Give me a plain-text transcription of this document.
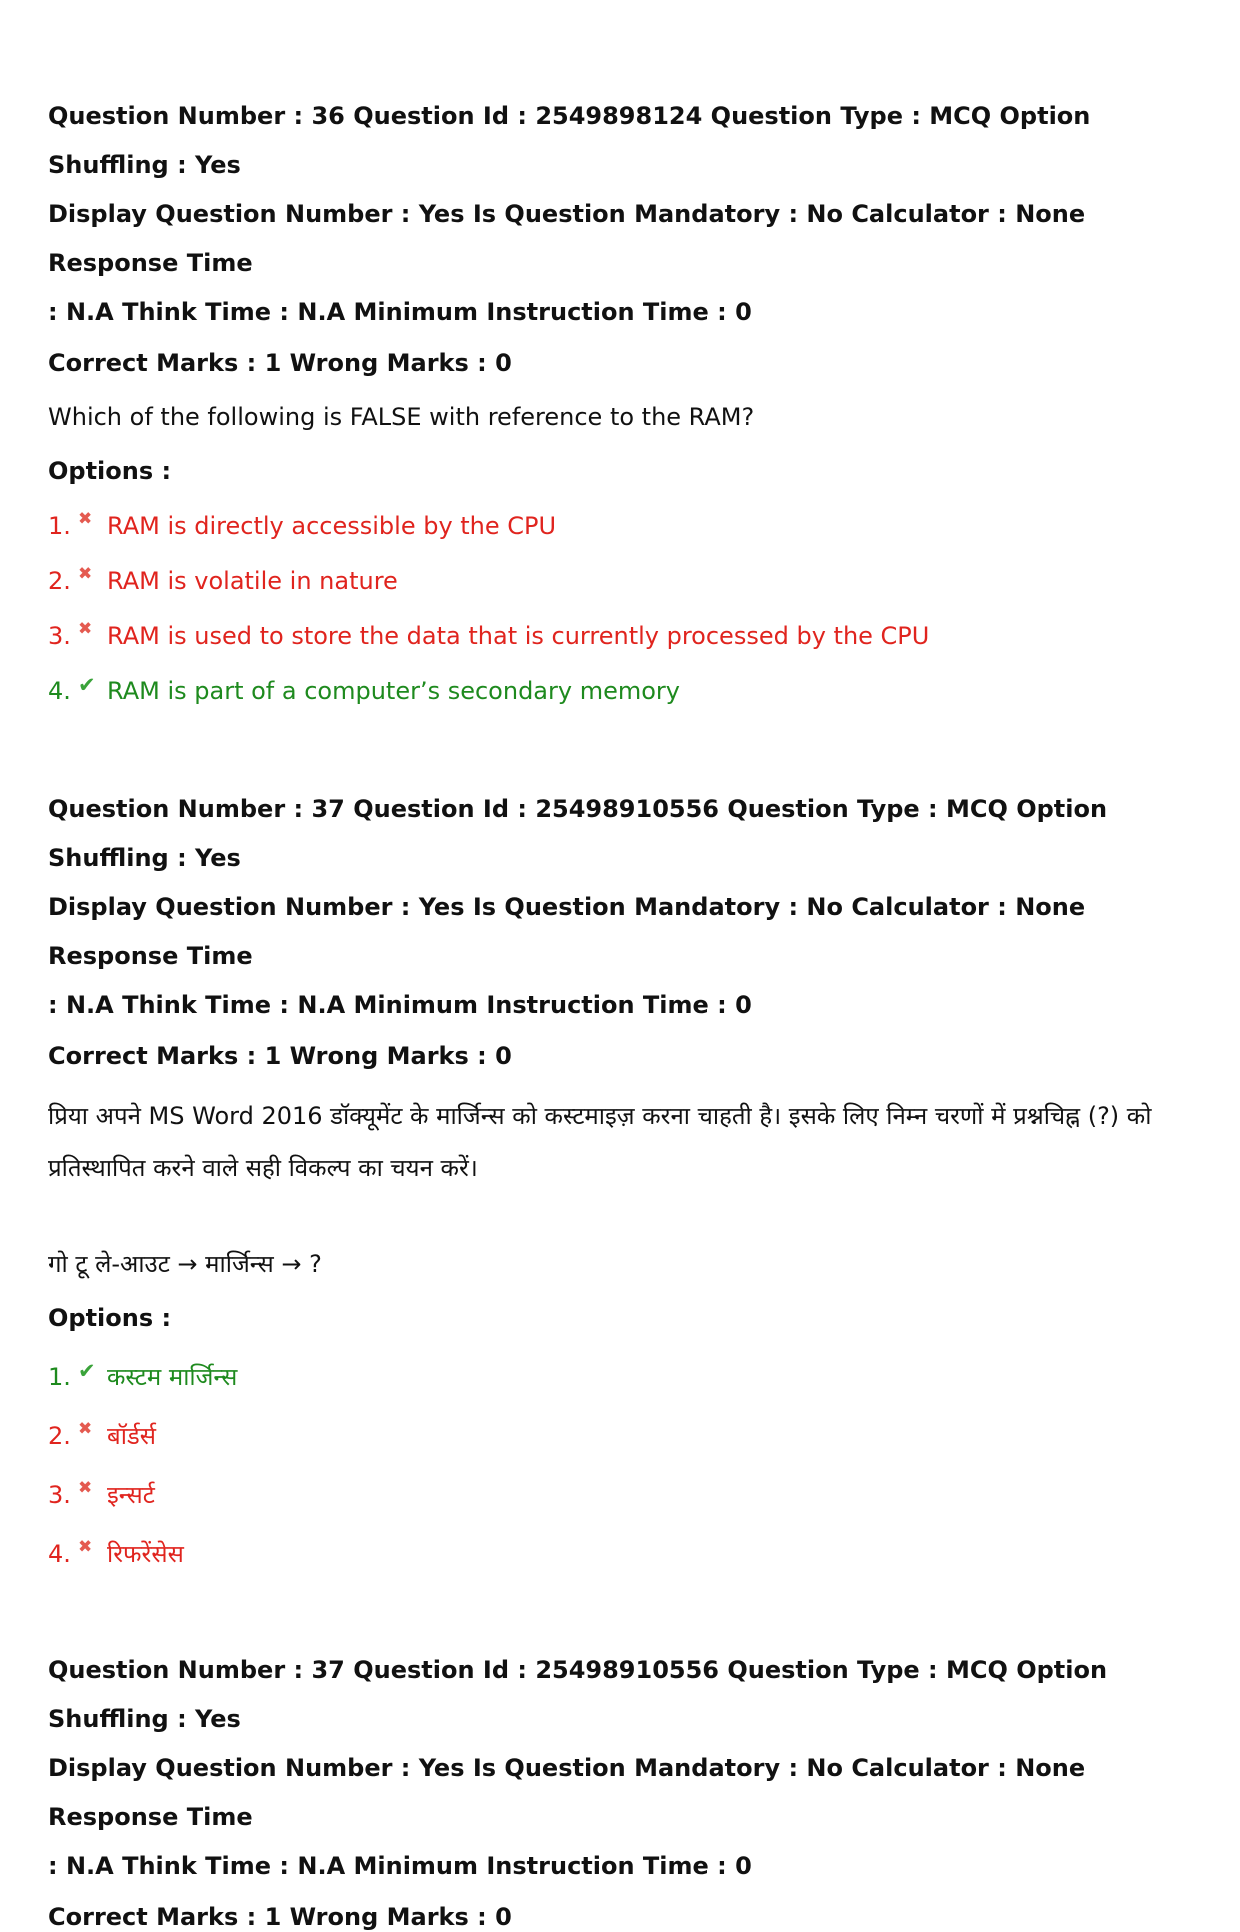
Question Number : 36 Question Id : 2549898124 Question Type : MCQ Option Shuffling : Yes
Display Question Number : Yes Is Question Mandatory : No Calculator : None Response Time
: N.A Think Time : N.A Minimum Instruction Time : 0
Correct Marks : 1 Wrong Marks : 0
Which of the following is FALSE with reference to the RAM?
Options :
1. ✖ RAM is directly accessible by the CPU
2. ✖ RAM is volatile in nature
3. ✖ RAM is used to store the data that is currently processed by the CPU
4. ✔ RAM is part of a computer’s secondary memory
Question Number : 37 Question Id : 25498910556 Question Type : MCQ Option Shuffling : Yes
Display Question Number : Yes Is Question Mandatory : No Calculator : None Response Time
: N.A Think Time : N.A Minimum Instruction Time : 0
Correct Marks : 1 Wrong Marks : 0
प्रिया अपने MS Word 2016 डॉक्यूमेंट के मार्जिन्स को कस्टमाइज़ करना चाहती है। इसके लिए निम्न चरणों में प्रश्नचिह्न (?) को
प्रतिस्थापित करने वाले सही विकल्प का चयन करें।
गो टू ले-आउट → मार्जिन्स → ?
Options :
1. ✔ कस्टम मार्जिन्स
2. ✖ बॉर्डर्स
3. ✖ इन्सर्ट
4. ✖ रिफरेंसेस
Question Number : 37 Question Id : 25498910556 Question Type : MCQ Option Shuffling : Yes
Display Question Number : Yes Is Question Mandatory : No Calculator : None Response Time
: N.A Think Time : N.A Minimum Instruction Time : 0
Correct Marks : 1 Wrong Marks : 0
